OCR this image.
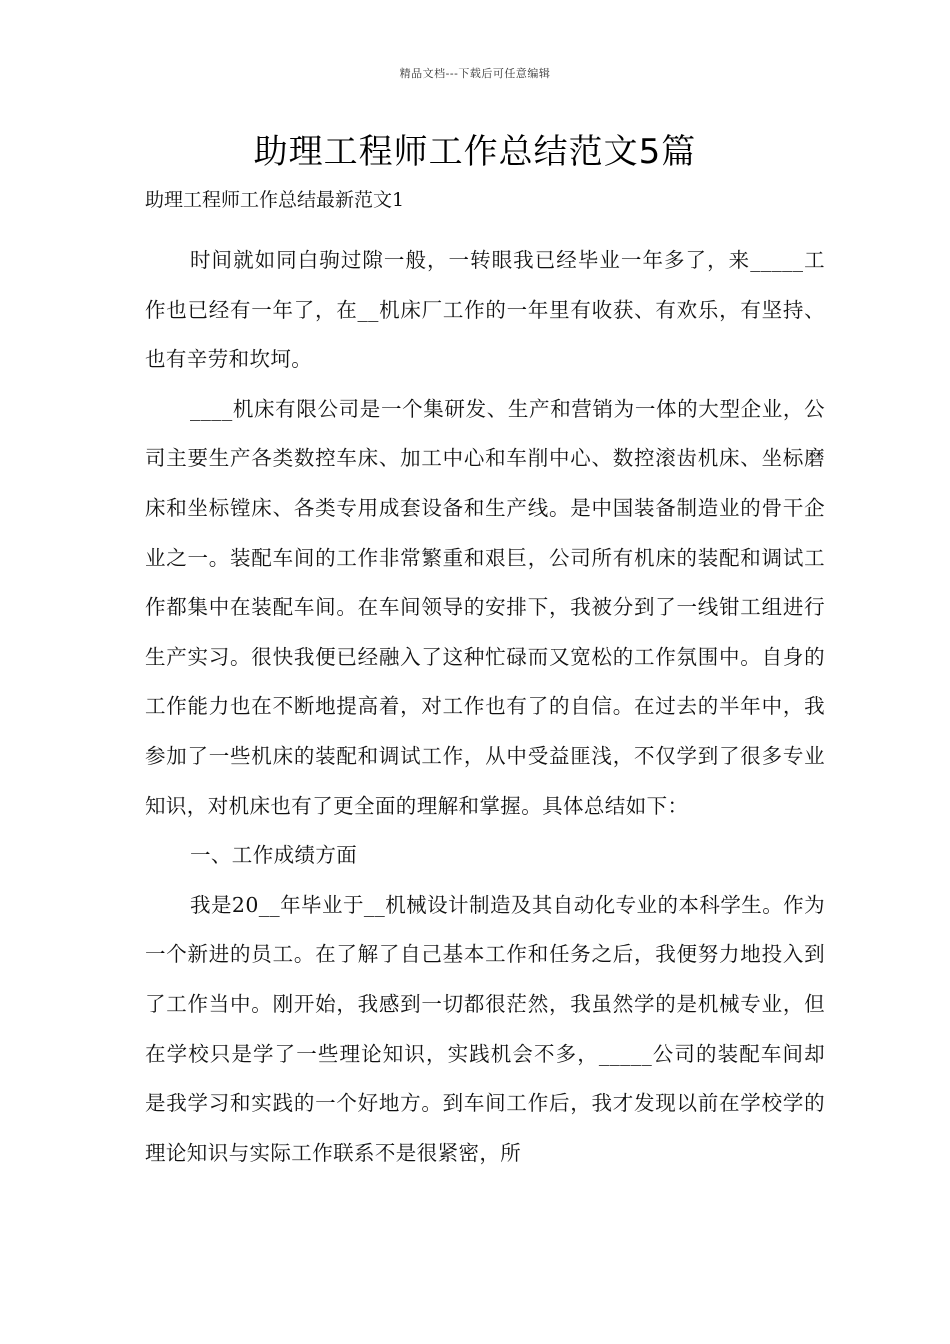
精品文档---下载后可任意编辑
助理工程师工作总结范文5篇

助理工程师工作总结最新范文1

时间就如同白驹过隙一般，一转眼我已经毕业一年多了，来_____工作也已经有一年了，在__机床厂工作的一年里有收获、有欢乐，有坚持、也有辛劳和坎坷。

____机床有限公司是一个集研发、生产和营销为一体的大型企业，公司主要生产各类数控车床、加工中心和车削中心、数控滚齿机床、坐标磨床和坐标镗床、各类专用成套设备和生产线。是中国装备制造业的骨干企业之一。装配车间的工作非常繁重和艰巨，公司所有机床的装配和调试工作都集中在装配车间。在车间领导的安排下，我被分到了一线钳工组进行生产实习。很快我便已经融入了这种忙碌而又宽松的工作氛围中。自身的工作能力也在不断地提高着，对工作也有了的自信。在过去的半年中，我参加了一些机床的装配和调试工作，从中受益匪浅，不仅学到了很多专业知识，对机床也有了更全面的理解和掌握。具体总结如下：

一、工作成绩方面

我是20__年毕业于__机械设计制造及其自动化专业的本科学生。作为一个新进的员工。在了解了自己基本工作和任务之后，我便努力地投入到了工作当中。刚开始，我感到一切都很茫然，我虽然学的是机械专业，但在学校只是学了一些理论知识，实践机会不多，_____公司的装配车间却是我学习和实践的一个好地方。到车间工作后，我才发现以前在学校学的理论知识与实际工作联系不是很紧密，所
